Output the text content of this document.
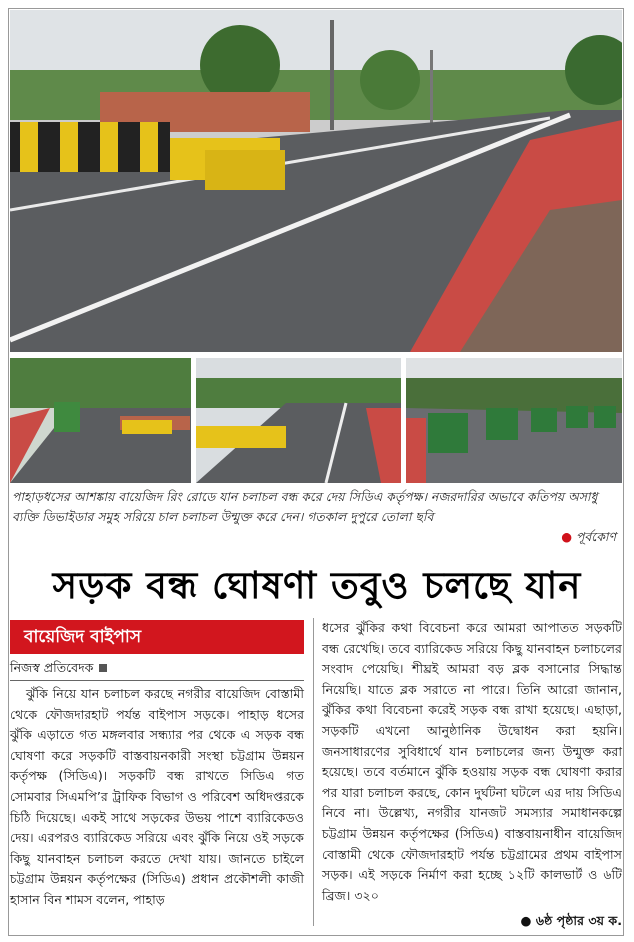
পাহাড়ধসের আশঙ্কায় বায়েজিদ রিং রোডে যান চলাচল বন্ধ করে দেয় সিডিএ কর্তৃপক্ষ। নজরদারির অভাবে কতিপয় অসাধু ব্যক্তি ডিভাইডার সমুহ সরিয়ে চাল চলাচল উন্মুক্ত করে দেন। গতকাল দুপুরে তোলা ছবি
● পূর্বকোণ
সড়ক বন্ধ ঘোষণা তবুও চলছে যান
বায়েজিদ বাইপাস
নিজস্ব প্রতিবেদক
ঝুঁকি নিয়ে যান চলাচল করছে নগরীর বায়েজিদ বোস্তামী থেকে ফৌজদারহাট পর্যন্ত বাইপাস সড়কে। পাহাড় ধসের ঝুঁকি এড়াতে গত মঙ্গলবার সন্ধ্যার পর থেকে এ সড়ক বন্ধ ঘোষণা করে সড়কটি বাস্তবায়নকারী সংস্থা চট্টগ্রাম উন্নয়ন কর্তৃপক্ষ (সিডিএ)। সড়কটি বন্ধ রাখতে সিডিএ গত সোমবার সিএমপি’র ট্রাফিক বিভাগ ও পরিবেশ অধিদপ্তরকে চিঠি দিয়েছে। একই সাথে সড়কের উভয় পাশে ব্যারিকেডও দেয়। এরপরও ব্যারিকেড সরিয়ে এবং ঝুঁকি নিয়ে ওই সড়কে কিছু যানবাহন চলাচল করতে দেখা যায়। জানতে চাইলে চট্টগ্রাম উন্নয়ন কর্তৃপক্ষের (সিডিএ) প্রধান প্রকৌশলী কাজী হাসান বিন শামস বলেন, পাহাড়
ধসের ঝুঁকির কথা বিবেচনা করে আমরা আপাতত সড়কটি বন্ধ রেখেছি। তবে ব্যারিকেড সরিয়ে কিছু যানবাহন চলাচলের সংবাদ পেয়েছি। শীঘ্রই আমরা বড় ব্লক বসানোর সিদ্ধান্ত নিয়েছি। যাতে ব্লক সরাতে না পারে। তিনি আরো জানান, ঝুঁকির কথা বিবেচনা করেই সড়ক বন্ধ রাখা হয়েছে। এছাড়া, সড়কটি এখনো আনুষ্ঠানিক উদ্বোধন করা হয়নি। জনসাধারণের সুবিধার্থে যান চলাচলের জন্য উন্মুক্ত করা হয়েছে। তবে বর্তমানে ঝুঁকি হওয়ায় সড়ক বন্ধ ঘোষণা করার পর যারা চলাচল করছে, কোন দুর্ঘটনা ঘটলে এর দায় সিডিএ নিবে না। উল্লেখ্য, নগরীর যানজট সমস্যার সমাধানকল্পে চট্টগ্রাম উন্নয়ন কর্তৃপক্ষের (সিডিএ) বাস্তবায়নাধীন বায়েজিদ বোস্তামী থেকে ফৌজদারহাট পর্যন্ত চট্টগ্রামের প্রথম বাইপাস সড়ক। এই সড়কে নির্মাণ করা হচ্ছে ১২টি কালভার্ট ও ৬টি ব্রিজ। ৩২০
● ৬ষ্ঠ পৃষ্ঠার ৩য় ক.
